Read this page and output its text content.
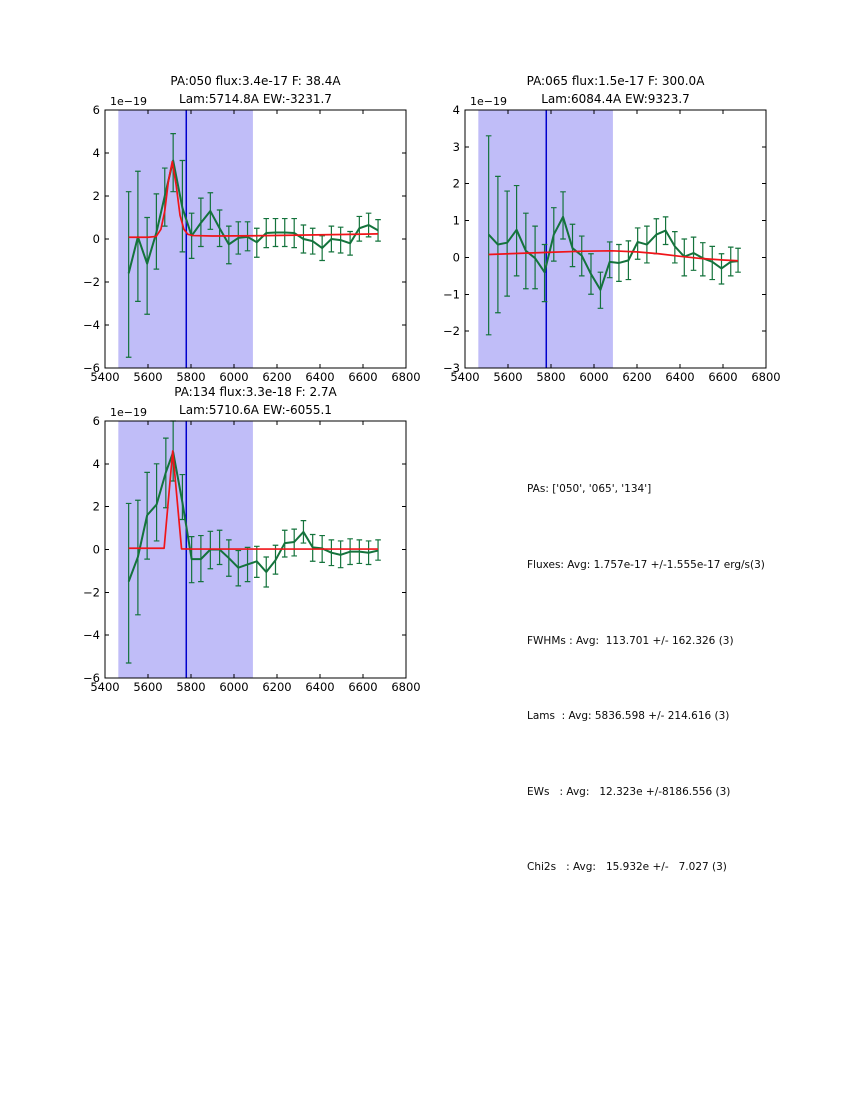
5400 5600 5800 6000 6200 6400 6600 6800
−6
−4
−2
0
2
4
6
5400 5600 5800 6000 6200 6400 6600 6800
−3
−2
−1
0
1
2
3
4
5400 5600 5800 6000 6200 6400 6600 6800
−6
−4
−2
0
2
4
6
PA:050 flux:3.4e-17 F: 38.4A
Lam:5714.8A EW:-3231.7
PA:065 flux:1.5e-17 F: 300.0A
Lam:6084.4A EW:9323.7
PA:134 flux:3.3e-18 F: 2.7A
Lam:5710.6A EW:-6055.1
1e−19	1e−19
1e−19

PAs: ['050', '065', '134']

Fluxes: Avg: 1.757e-17 +/-1.555e-17 erg/s(3)

FWHMs : Avg:  113.701 +/- 162.326 (3)

Lams  : Avg: 5836.598 +/- 214.616 (3)

EWs   : Avg:   12.323e +/-8186.556 (3)

Chi2s   : Avg:   15.932e +/-   7.027 (3)
